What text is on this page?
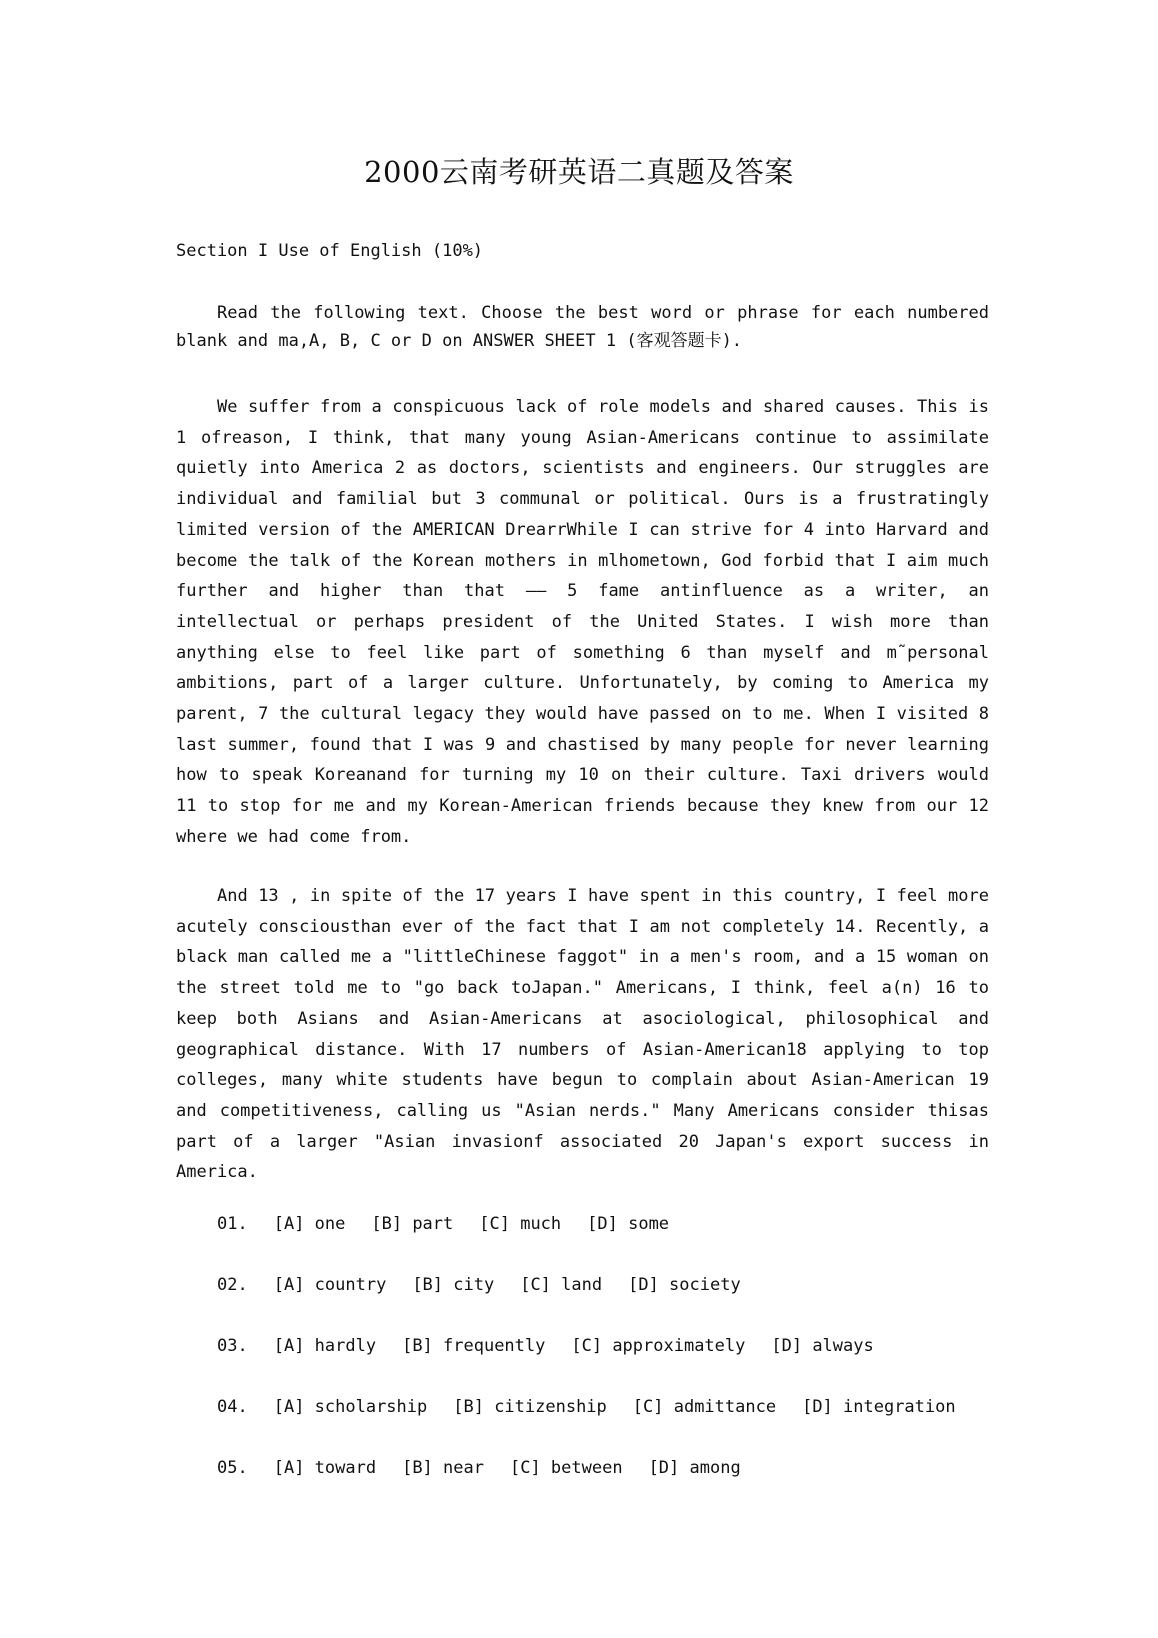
2000云南考研英语二真题及答案
Section I Use of English (10%)

Read the following text. Choose the best word or phrase for each numbered blank and ma,A, B, C or D on ANSWER SHEET 1 (客观答题卡).

We suffer from a conspicuous lack of role models and shared causes. This is 1 ofreason, I think, that many young Asian-Americans continue to assimilate quietly into America 2 as doctors, scientists and engineers. Our struggles are individual and familial but 3 communal or political. Ours is a frustratingly limited version of the AMERICAN DrearrWhile I can strive for 4 into Harvard and become the talk of the Korean mothers in mlhometown, God forbid that I aim much further and higher than that —— 5 fame antinfluence as a writer, an intellectual or perhaps president of the United States. I wish more than anything else to feel like part of something 6 than myself and m˜personal ambitions, part of a larger culture. Unfortunately, by coming to America my parent, 7 the cultural legacy they would have passed on to me. When I visited 8 last summer, found that I was 9 and chastised by many people for never learning how to speak Koreanand for turning my 10 on their culture. Taxi drivers would 11 to stop for me and my Korean-American friends because they knew from our 12 where we had come from.

And 13 , in spite of the 17 years I have spent in this country, I feel more acutely consciousthan ever of the fact that I am not completely 14. Recently, a black man called me a "littleChinese faggot" in a men's room, and a 15 woman on the street told me to "go back toJapan." Americans, I think, feel a(n) 16 to keep both Asians and Asian-Americans at asociological, philosophical and geographical distance. With 17 numbers of Asian-American18 applying to top colleges, many white students have begun to complain about Asian-American 19 and competitiveness, calling us "Asian nerds." Many Americans consider thisas part of a larger "Asian invasionf associated 20 Japan's export success in America.

01. [A] one [B] part [C] much [D] some
02. [A] country [B] city [C] land [D] society
03. [A] hardly [B] frequently [C] approximately [D] always
04. [A] scholarship [B] citizenship [C] admittance [D] integration
05. [A] toward [B] near [C] between [D] among
